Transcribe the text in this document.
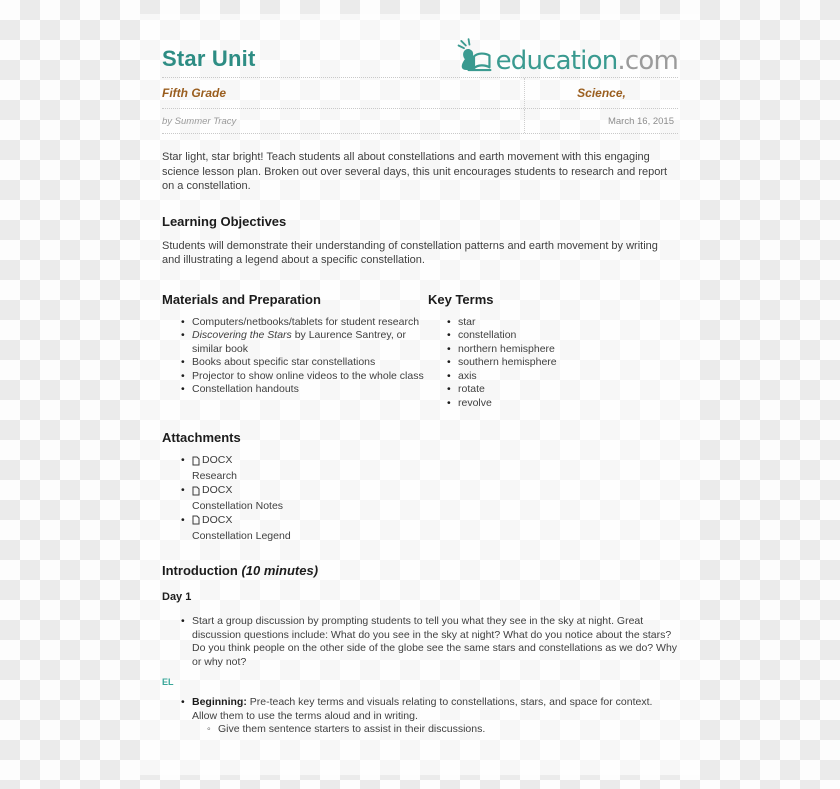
Star Unit	education.com
Fifth Grade	Science,
by Summer Tracy	March 16, 2015

Star light, star bright! Teach students all about constellations and earth movement with this engaging science lesson plan. Broken out over several days, this unit encourages students to research and report on a constellation.

Learning Objectives

Students will demonstrate their understanding of constellation patterns and earth movement by writing and illustrating a legend about a specific constellation.

Materials and Preparation
• Computers/netbooks/tablets for student research
• Discovering the Stars by Laurence Santrey, or similar book
• Books about specific star constellations
• Projector to show online videos to the whole class
• Constellation handouts
Key Terms
• star
• constellation
• northern hemisphere
• southern hemisphere
• axis
• rotate
• revolve
Attachments
• DOCX

Research
• DOCX

Constellation Notes
• DOCX

Constellation Legend
Introduction (10 minutes)
Day 1
• Start a group discussion by prompting students to tell you what they see in the sky at night. Great discussion questions include: What do you see in the sky at night? What do you notice about the stars? Do you think people on the other side of the globe see the same stars and constellations as we do? Why or why not?
EL
• Beginning: Pre-teach key terms and visuals relating to constellations, stars, and space for context. Allow them to use the terms aloud and in writing.
◦ Give them sentence starters to assist in their discussions.
